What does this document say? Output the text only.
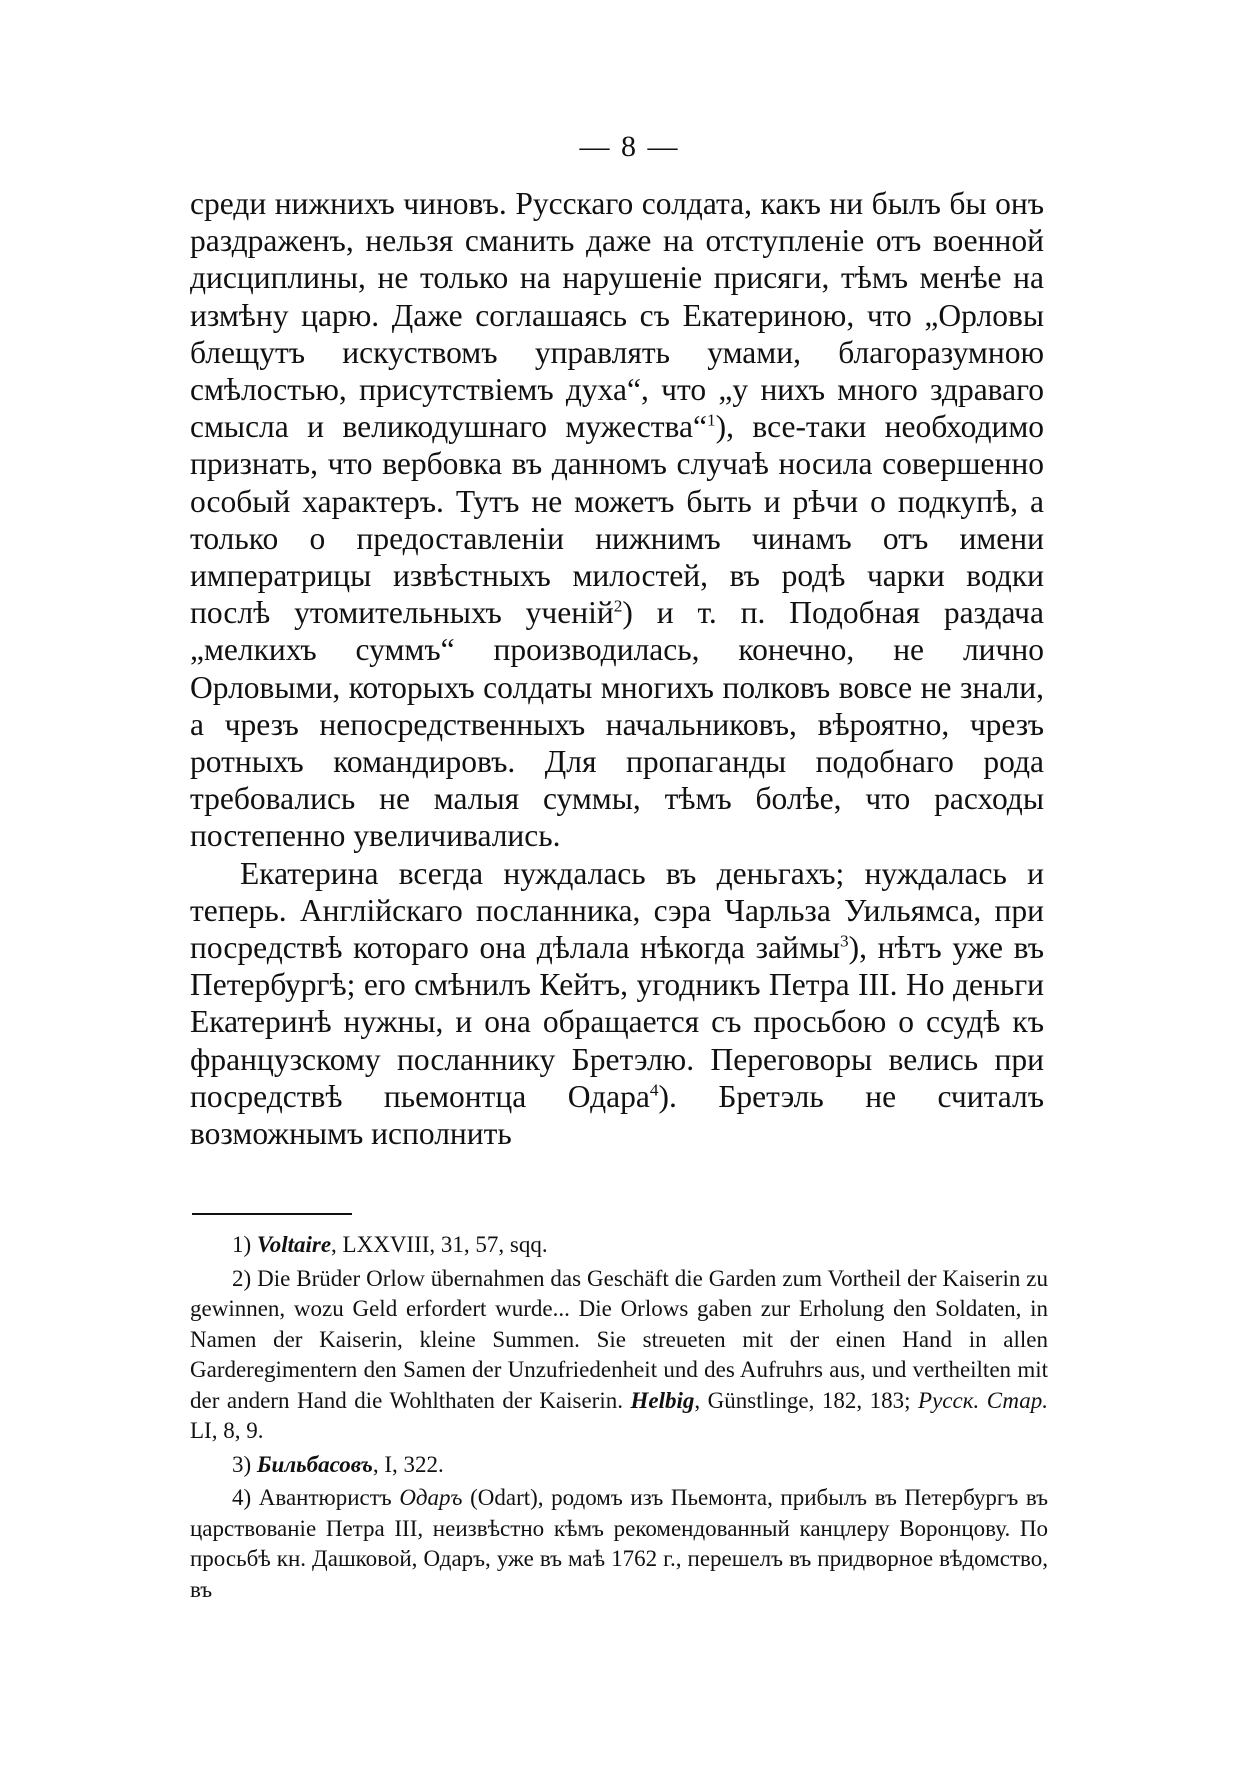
— 8 —

среди нижнихъ чиновъ. Русскаго солдата, какъ ни былъ бы онъ раздраженъ, нельзя сманить даже на отступленіе отъ военной дисциплины, не только на нарушеніе присяги, тѣмъ менѣе на измѣну царю. Даже соглашаясь съ Екатериною, что „Орловы блещутъ искуствомъ управлять умами, благоразумною смѣлостью, присутствіемъ духа“, что „у нихъ много здраваго смысла и великодушнаго мужества“$^1$), все-таки необходимо признать, что вербовка въ данномъ случаѣ носила совершенно особый характеръ. Тутъ не можетъ быть и рѣчи о подкупѣ, а только о предоставленіи нижнимъ чинамъ отъ имени императрицы извѣстныхъ милостей, въ родѣ чарки водки послѣ утомительныхъ ученій$^2$) и т. п. Подобная раздача „мелкихъ суммъ“ производилась, конечно, не лично Орловыми, которыхъ солдаты многихъ полковъ вовсе не знали, а чрезъ непосредственныхъ начальниковъ, вѣроятно, чрезъ ротныхъ командировъ. Для пропаганды подобнаго рода требовались не малыя суммы, тѣмъ болѣе, что расходы постепенно увеличивались.

Екатерина всегда нуждалась въ деньгахъ; нуждалась и теперь. Англійскаго посланника, сэра Чарльза Уильямса, при посредствѣ котораго она дѣлала нѣкогда займы$^3$), нѣтъ уже въ Петербургѣ; его смѣнилъ Кейтъ, угодникъ Петра III. Но деньги Екатеринѣ нужны, и она обращается съ просьбою о ссудѣ къ французскому посланнику Бретэлю. Переговоры велись при посредствѣ пьемонтца Одара$^4$). Бретэль не считалъ возможнымъ исполнить

1) Voltaire, LXXVIII, 31, 57, sqq.

2) Die Brüder Orlow übernahmen das Geschäft die Garden zum Vortheil der Kaiserin zu gewinnen, wozu Geld erfordert wurde... Die Orlows gaben zur Erholung den Soldaten, in Namen der Kaiserin, kleine Summen. Sie streueten mit der einen Hand in allen Garderegimentern den Samen der Unzufriedenheit und des Aufruhrs aus, und vertheilten mit der andern Hand die Wohlthaten der Kaiserin. Helbig, Günstlinge, 182, 183; Русск. Стар. LI, 8, 9.

3) Бильбасовъ, I, 322.

4) Авантюристъ Одаръ (Odart), родомъ изъ Пьемонта, прибылъ въ Петербургъ въ царствованіе Петра III, неизвѣстно кѣмъ рекомендованный канцлеру Воронцову. По просьбѣ кн. Дашковой, Одаръ, уже въ маѣ 1762 г., перешелъ въ придворное вѣдомство, въ
